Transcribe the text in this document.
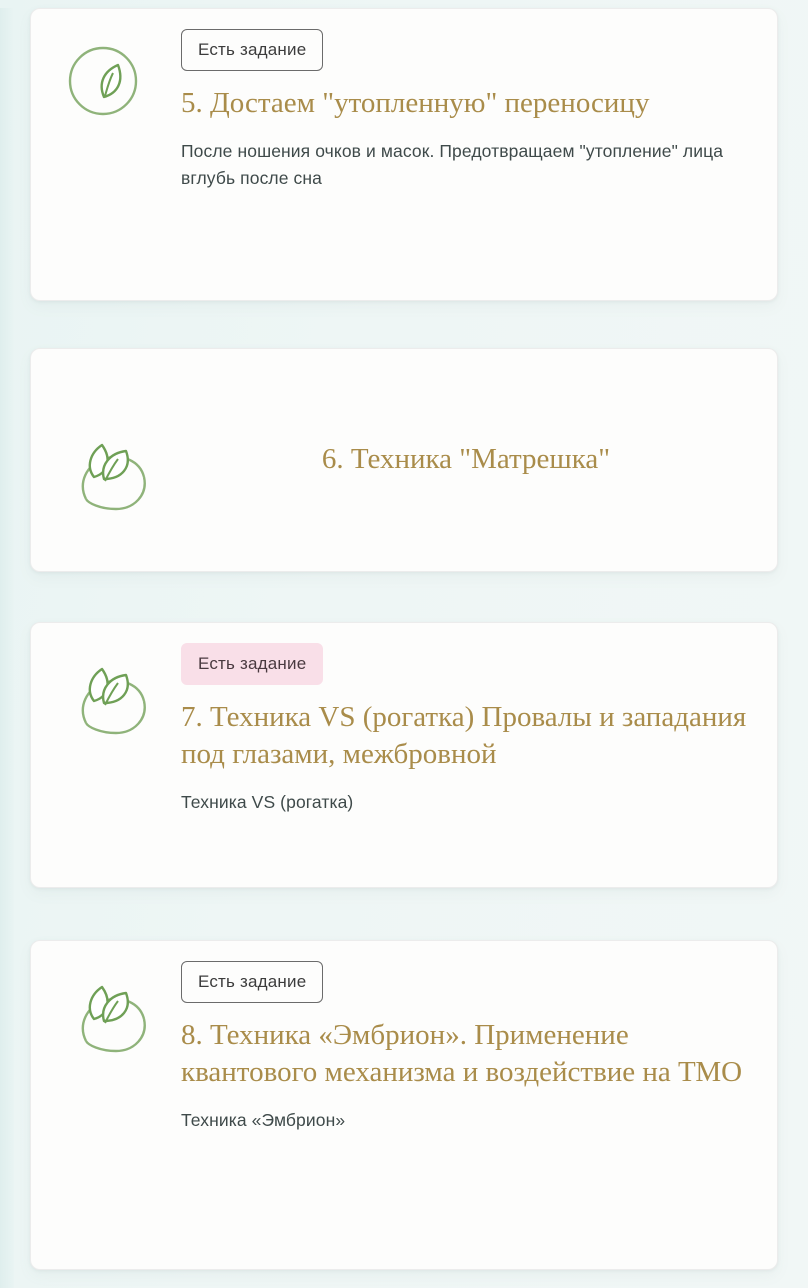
Есть задание
5. Достаем "утопленную" переносицу

После ношения очков и масок. Предотвращаем "утопление" лица вглубь после сна

6. Техника "Матрешка"
Есть задание
7. Техника VS (рогатка) Провалы и западания под глазами, межбровной

Техника VS (рогатка)

Есть задание
8. Техника «Эмбрион». Применение квантового механизма и воздействие на ТМО

Техника «Эмбрион»
